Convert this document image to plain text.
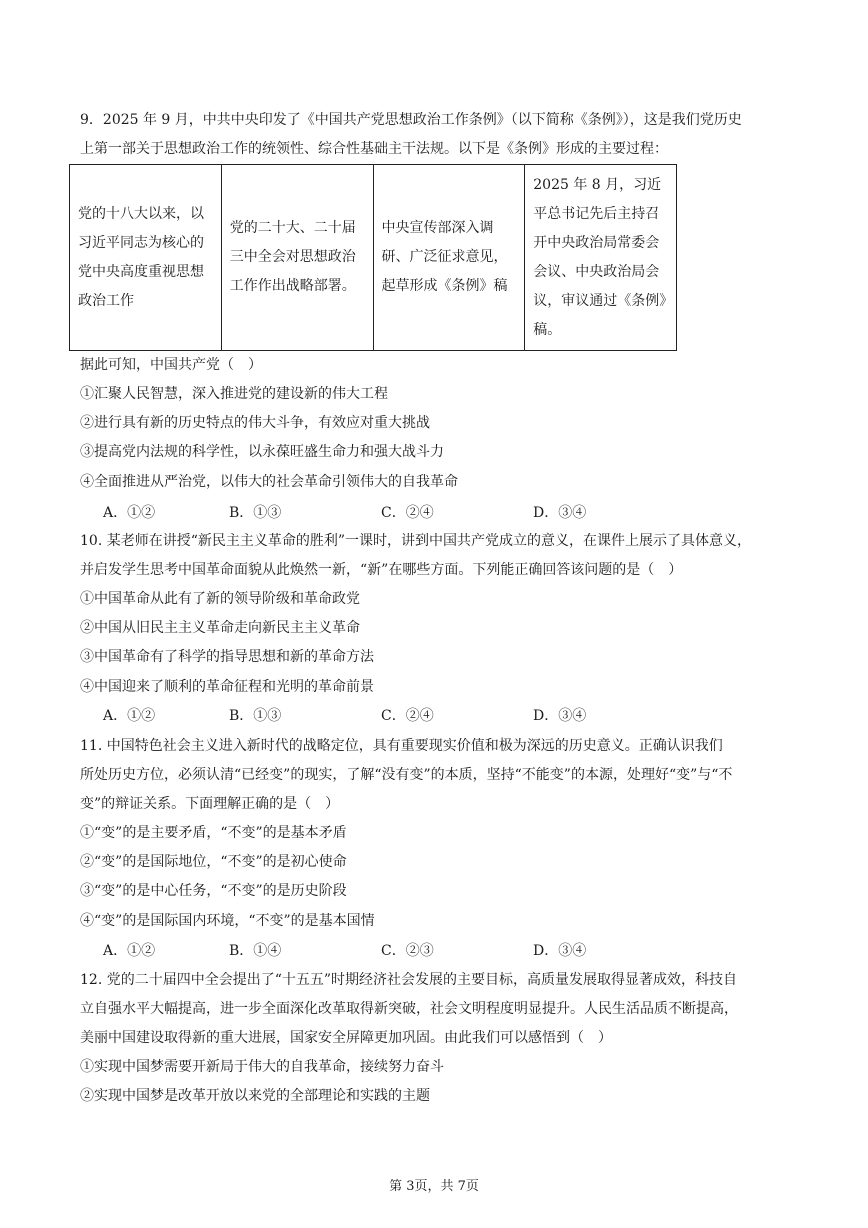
9．2025 年 9 月，中共中央印发了《中国共产党思想政治工作条例》（以下简称《条例》），这是我们党历史
上第一部关于思想政治工作的统领性、综合性基础主干法规。以下是《条例》形成的主要过程：
党的十八大以来，以习近平同志为核心的党中央高度重视思想政治工作	党的二十大、二十届三中全会对思想政治工作作出战略部署。	中央宣传部深入调研、广泛征求意见，起草形成《条例》稿	2025 年 8 月，习近平总书记先后主持召开中央政治局常委会会议、中央政治局会议，审议通过《条例》稿。
据此可知，中国共产党（　）
①汇聚人民智慧，深入推进党的建设新的伟大工程
②进行具有新的历史特点的伟大斗争，有效应对重大挑战
③提高党内法规的科学性，以永葆旺盛生命力和强大战斗力
④全面推进从严治党，以伟大的社会革命引领伟大的自我革命
A．①②	B．①③	C．②④	D．③④
10. 某老师在讲授“新民主主义革命的胜利”一课时，讲到中国共产党成立的意义，在课件上展示了具体意义，
并启发学生思考中国革命面貌从此焕然一新，“新”在哪些方面。下列能正确回答该问题的是（　）
①中国革命从此有了新的领导阶级和革命政党
②中国从旧民主主义革命走向新民主主义革命
③中国革命有了科学的指导思想和新的革命方法
④中国迎来了顺利的革命征程和光明的革命前景
A．①②	B．①③	C．②④	D．③④
11. 中国特色社会主义进入新时代的战略定位，具有重要现实价值和极为深远的历史意义。正确认识我们
所处历史方位，必须认清“已经变”的现实，了解“没有变”的本质，坚持“不能变”的本源，处理好“变”与“不
变”的辩证关系。下面理解正确的是（　）
①“变”的是主要矛盾，“不变”的是基本矛盾
②“变”的是国际地位，“不变”的是初心使命
③“变”的是中心任务，“不变”的是历史阶段
④“变”的是国际国内环境，“不变”的是基本国情
A．①②	B．①④	C．②③	D．③④
12. 党的二十届四中全会提出了“十五五”时期经济社会发展的主要目标，高质量发展取得显著成效，科技自
立自强水平大幅提高，进一步全面深化改革取得新突破，社会文明程度明显提升。人民生活品质不断提高，
美丽中国建设取得新的重大进展，国家安全屏障更加巩固。由此我们可以感悟到（　）
①实现中国梦需要开新局于伟大的自我革命，接续努力奋斗
②实现中国梦是改革开放以来党的全部理论和实践的主题
第 3页，共 7页
